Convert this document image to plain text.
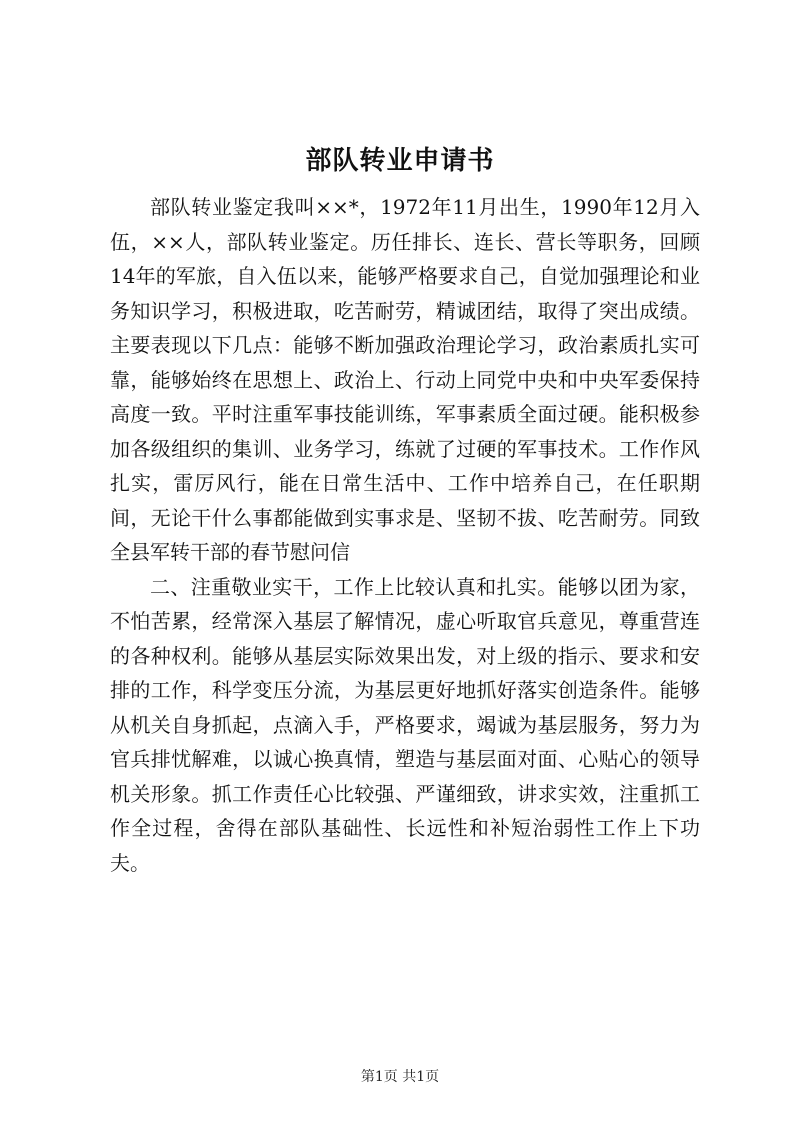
部队转业申请书

部队转业鉴定我叫××*，1972年11月出生，1990年12月入伍，××人，部队转业鉴定。历任排长、连长、营长等职务，回顾14年的军旅，自入伍以来，能够严格要求自己，自觉加强理论和业务知识学习，积极进取，吃苦耐劳，精诚团结，取得了突出成绩。主要表现以下几点：能够不断加强政治理论学习，政治素质扎实可靠，能够始终在思想上、政治上、行动上同党中央和中央军委保持高度一致。平时注重军事技能训练，军事素质全面过硬。能积极参加各级组织的集训、业务学习，练就了过硬的军事技术。工作作风扎实，雷厉风行，能在日常生活中、工作中培养自己，在任职期间，无论干什么事都能做到实事求是、坚韧不拔、吃苦耐劳。同致全县军转干部的春节慰问信

二、注重敬业实干，工作上比较认真和扎实。能够以团为家，不怕苦累，经常深入基层了解情况，虚心听取官兵意见，尊重营连的各种权利。能够从基层实际效果出发，对上级的指示、要求和安排的工作，科学变压分流，为基层更好地抓好落实创造条件。能够从机关自身抓起，点滴入手，严格要求，竭诚为基层服务，努力为官兵排忧解难，以诚心换真情，塑造与基层面对面、心贴心的领导机关形象。抓工作责任心比较强、严谨细致，讲求实效，注重抓工作全过程，舍得在部队基础性、长远性和补短治弱性工作上下功夫。

第1页 共1页
